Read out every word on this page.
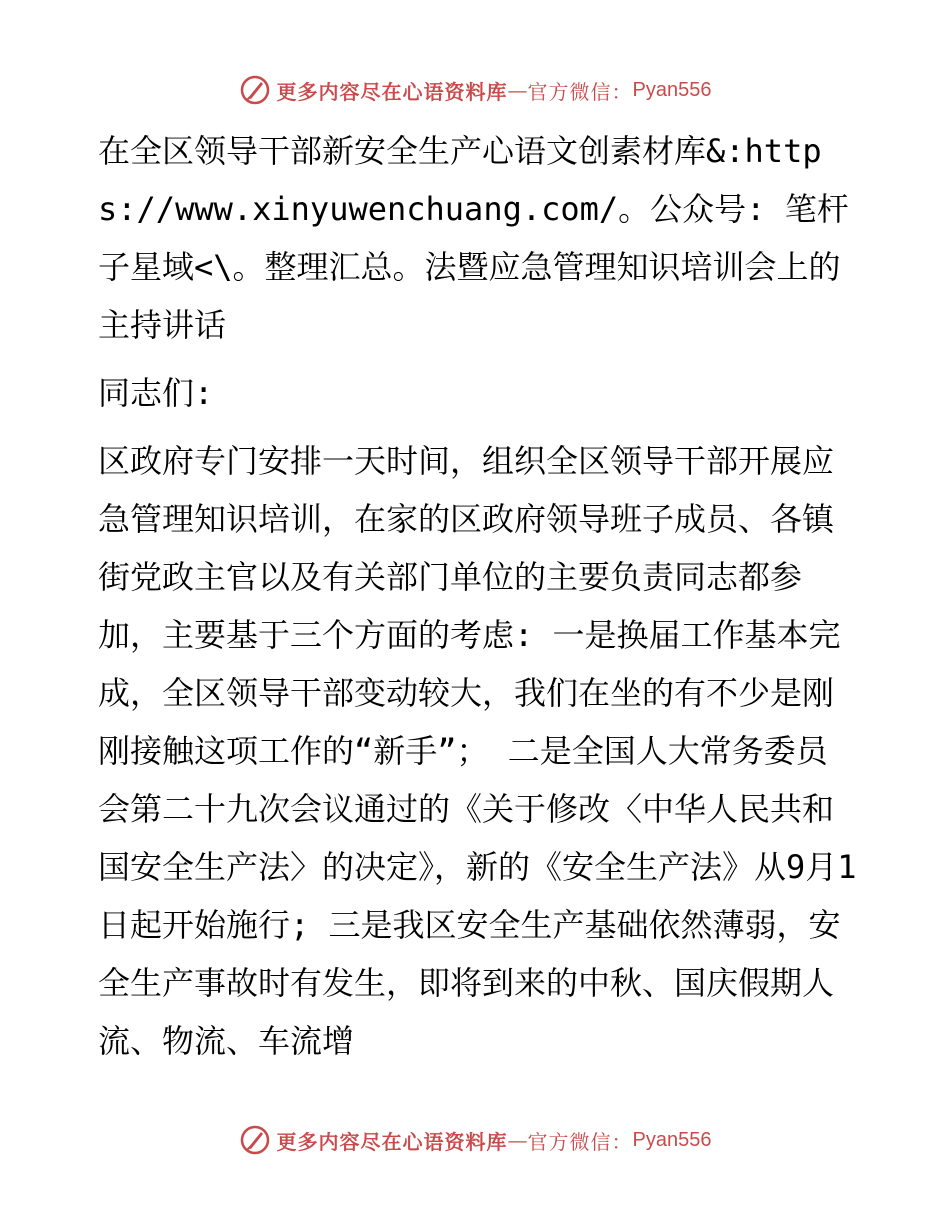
更多内容尽在心语资料库 — 官方微信： Pyan556

在全区领导干部新安全生产心语文创素材库&:https://www.xinyuwenchuang.com/。公众号: 笔杆子星域<\。整理汇总。法暨应急管理知识培训会上的主持讲话

同志们:

区政府专门安排一天时间，组织全区领导干部开展应急管理知识培训，在家的区政府领导班子成员、各镇街党政主官以及有关部门单位的主要负责同志都参加，主要基于三个方面的考虑: 一是换届工作基本完成，全区领导干部变动较大，我们在坐的有不少是刚刚接触这项工作的“新手”； 二是全国人大常务委员会第二十九次会议通过的《关于修改〈中华人民共和国安全生产法〉的决定》，新的《安全生产法》从9月1日起开始施行; 三是我区安全生产基础依然薄弱，安全生产事故时有发生，即将到来的中秋、国庆假期人流、物流、车流增

更多内容尽在心语资料库 — 官方微信： Pyan556
